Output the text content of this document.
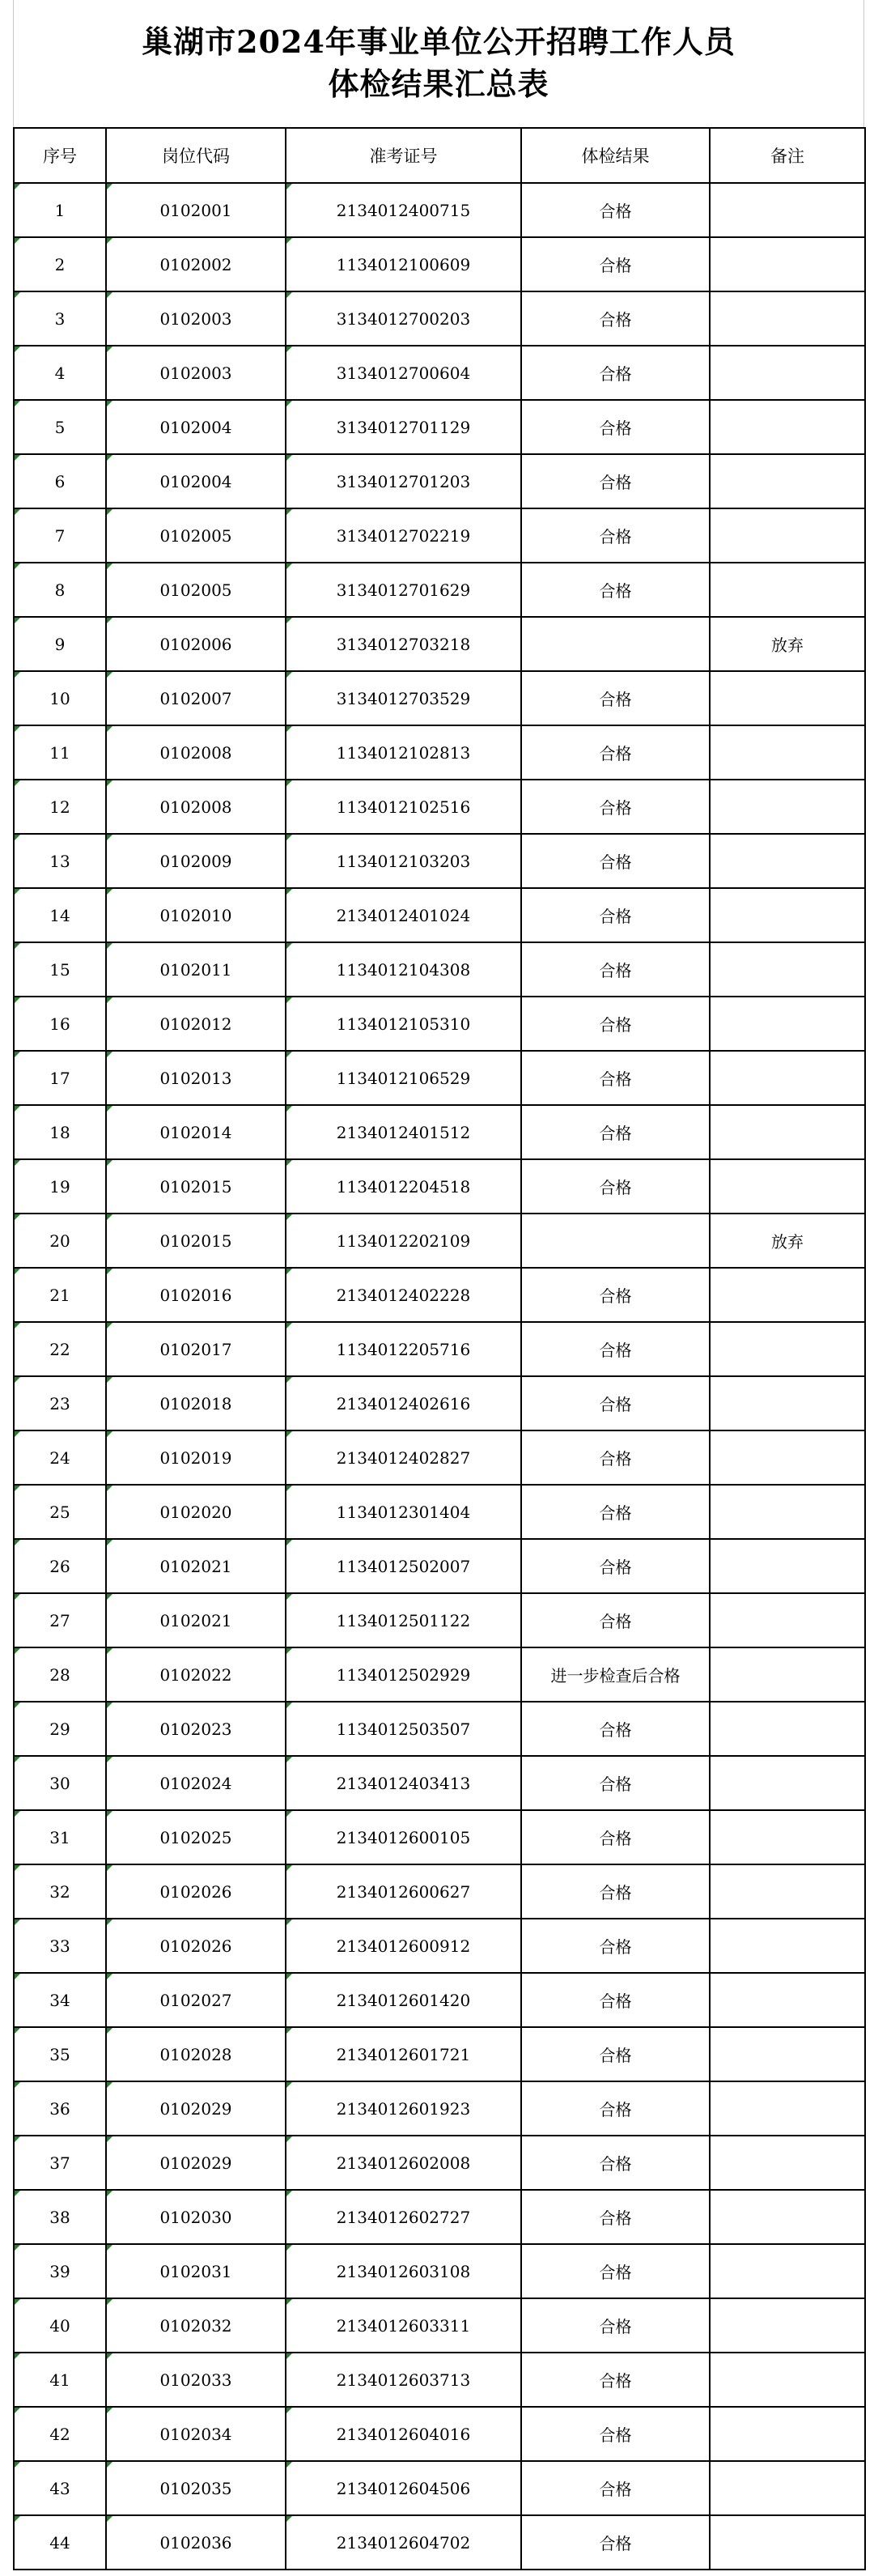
巢湖市2024年事业单位公开招聘工作人员
体检结果汇总表
序号	岗位代码	准考证号	体检结果	备注

1	0102001	2134012400715	合格	

2	0102002	1134012100609	合格	

3	0102003	3134012700203	合格	

4	0102003	3134012700604	合格	

5	0102004	3134012701129	合格	

6	0102004	3134012701203	合格	

7	0102005	3134012702219	合格	

8	0102005	3134012701629	合格	

9	0102006	3134012703218		放弃

10	0102007	3134012703529	合格	

11	0102008	1134012102813	合格	

12	0102008	1134012102516	合格	

13	0102009	1134012103203	合格	

14	0102010	2134012401024	合格	

15	0102011	1134012104308	合格	

16	0102012	1134012105310	合格	

17	0102013	1134012106529	合格	

18	0102014	2134012401512	合格	

19	0102015	1134012204518	合格	

20	0102015	1134012202109		放弃

21	0102016	2134012402228	合格	

22	0102017	1134012205716	合格	

23	0102018	2134012402616	合格	

24	0102019	2134012402827	合格	

25	0102020	1134012301404	合格	

26	0102021	1134012502007	合格	

27	0102021	1134012501122	合格	

28	0102022	1134012502929	进一步检查后合格	

29	0102023	1134012503507	合格	

30	0102024	2134012403413	合格	

31	0102025	2134012600105	合格	

32	0102026	2134012600627	合格	

33	0102026	2134012600912	合格	

34	0102027	2134012601420	合格	

35	0102028	2134012601721	合格	

36	0102029	2134012601923	合格	

37	0102029	2134012602008	合格	

38	0102030	2134012602727	合格	

39	0102031	2134012603108	合格	

40	0102032	2134012603311	合格	

41	0102033	2134012603713	合格	

42	0102034	2134012604016	合格	

43	0102035	2134012604506	合格	

44	0102036	2134012604702	合格	
